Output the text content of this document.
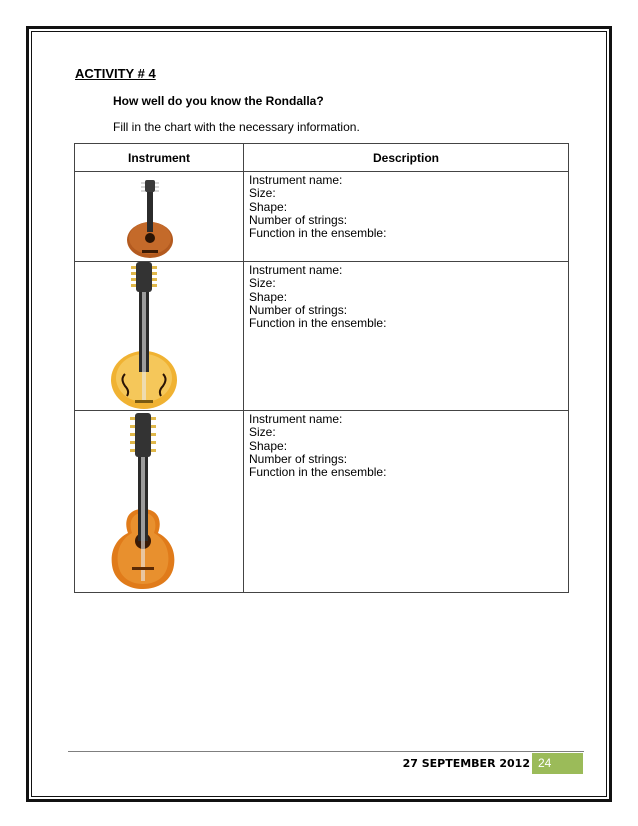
ACTIVITY # 4
How well do you know the Rondalla?
Fill in the chart with the necessary information.
Instrument	Description

Instrument name:
Size:
Shape:
Number of strings:
Function in the ensemble:

Instrument name:
Size:
Shape:
Number of strings:
Function in the ensemble:

Instrument name:
Size:
Shape:
Number of strings:
Function in the ensemble:
27 SEPTEMBER 2012 24
